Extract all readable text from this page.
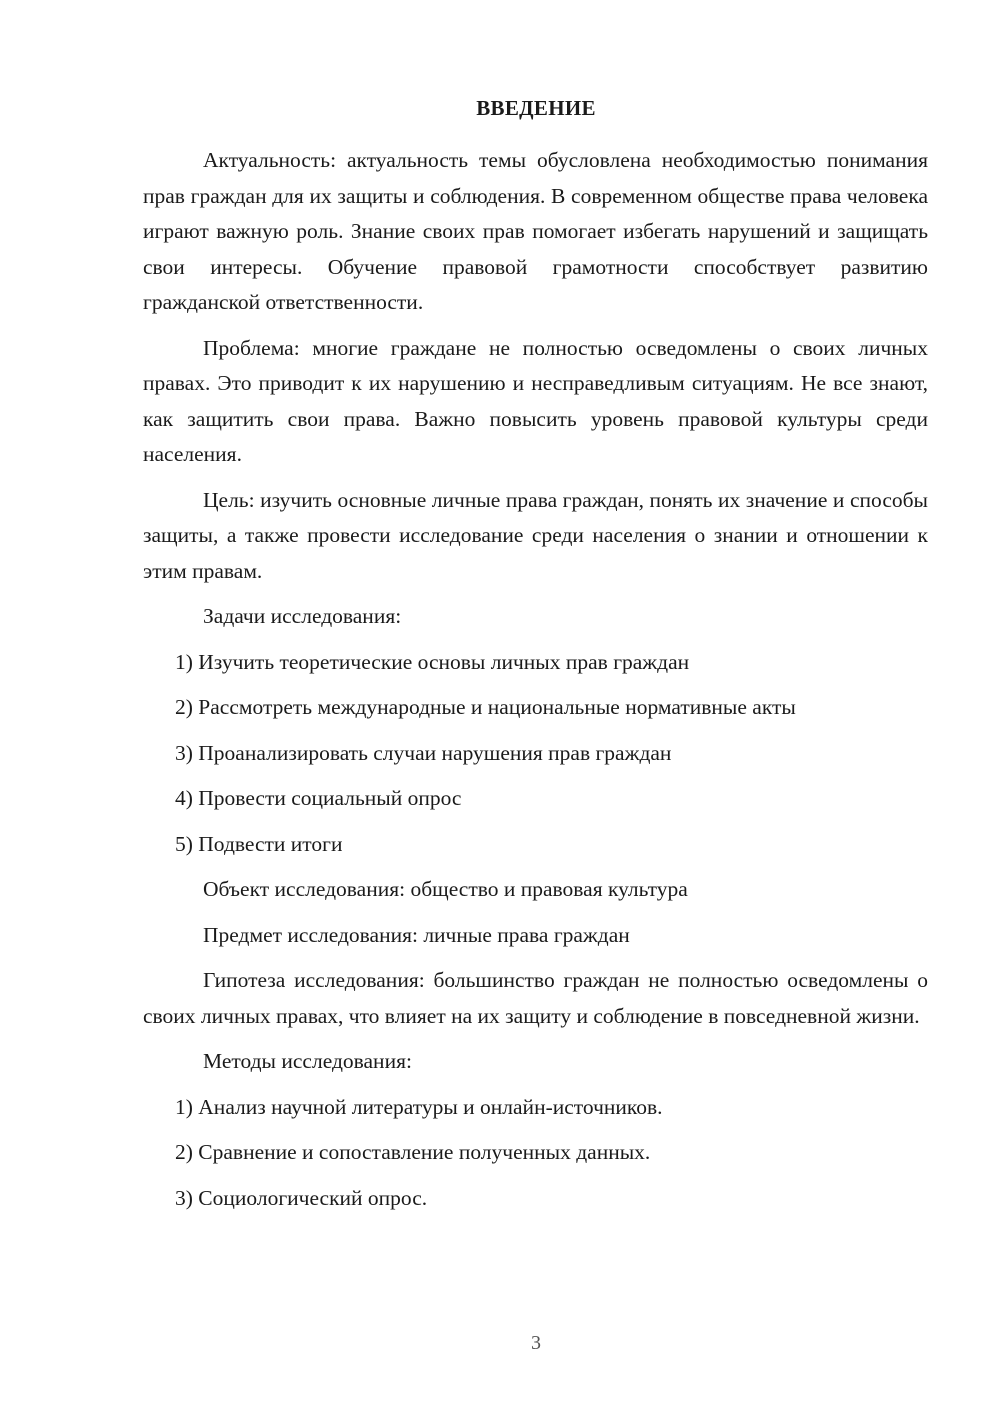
ВВЕДЕНИЕ

Актуальность: актуальность темы обусловлена необходимостью понимания прав граждан для их защиты и соблюдения. В современном обществе права человека играют важную роль. Знание своих прав помогает избегать нарушений и защищать свои интересы. Обучение правовой грамотности способствует развитию гражданской ответственности.

Проблема: многие граждане не полностью осведомлены о своих личных правах. Это приводит к их нарушению и несправедливым ситуациям. Не все знают, как защитить свои права. Важно повысить уровень правовой культуры среди населения.

Цель: изучить основные личные права граждан, понять их значение и способы защиты, а также провести исследование среди населения о знании и отношении к этим правам.

Задачи исследования:

1) Изучить теоретические основы личных прав граждан

2) Рассмотреть международные и национальные нормативные акты

3) Проанализировать случаи нарушения прав граждан

4) Провести социальный опрос

5) Подвести итоги

Объект исследования: общество и правовая культура

Предмет исследования: личные права граждан

Гипотеза исследования: большинство граждан не полностью осведомлены о своих личных правах, что влияет на их защиту и соблюдение в повседневной жизни.

Методы исследования:

1) Анализ научной литературы и онлайн-источников.

2) Сравнение и сопоставление полученных данных.

3) Социологический опрос.

3
